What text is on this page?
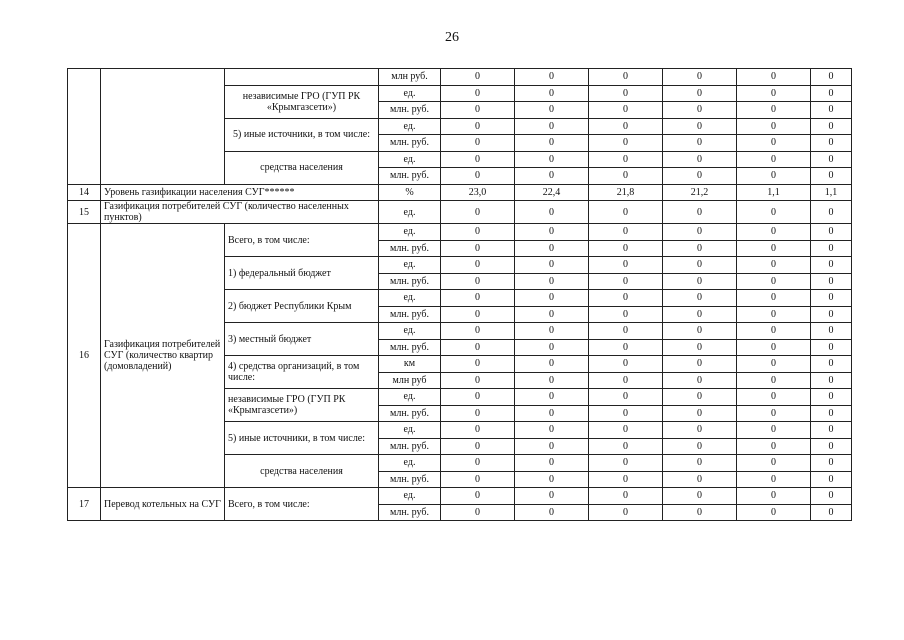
26
			млн руб.	0	0	0	0	0	0
		независимые ГРО (ГУП РК «Крымгазсети»)	ед.	0	0	0	0	0	0
			млн. руб.	0	0	0	0	0	0
		5) иные источники, в том числе:	ед.	0	0	0	0	0	0
			млн. руб.	0	0	0	0	0	0
		средства населения	ед.	0	0	0	0	0	0
			млн. руб.	0	0	0	0	0	0
14	Уровень газификации населения СУГ******		%	23,0	22,4	21,8	21,2	1,1	1,1
15	Газификация потребителей СУГ (количество населенных пунктов)		ед.	0	0	0	0	0	0
16	Газификация потребителей СУГ (количество квартир (домовладений)	Всего, в том числе:	ед.	0	0	0	0	0	0
			млн. руб.	0	0	0	0	0	0
		1) федеральный бюджет	ед.	0	0	0	0	0	0
			млн. руб.	0	0	0	0	0	0
		2) бюджет Республики Крым	ед.	0	0	0	0	0	0
			млн. руб.	0	0	0	0	0	0
		3) местный бюджет	ед.	0	0	0	0	0	0
			млн. руб.	0	0	0	0	0	0
		4) средства организаций, в том числе:	км	0	0	0	0	0	0
			млн руб	0	0	0	0	0	0
		независимые ГРО (ГУП РК «Крымгазсети»)	ед.	0	0	0	0	0	0
			млн. руб.	0	0	0	0	0	0
		5) иные источники, в том числе:	ед.	0	0	0	0	0	0
			млн. руб.	0	0	0	0	0	0
		средства населения	ед.	0	0	0	0	0	0
			млн. руб.	0	0	0	0	0	0
17	Перевод котельных на СУГ	Всего, в том числе:	ед.	0	0	0	0	0	0
			млн. руб.	0	0	0	0	0	0
